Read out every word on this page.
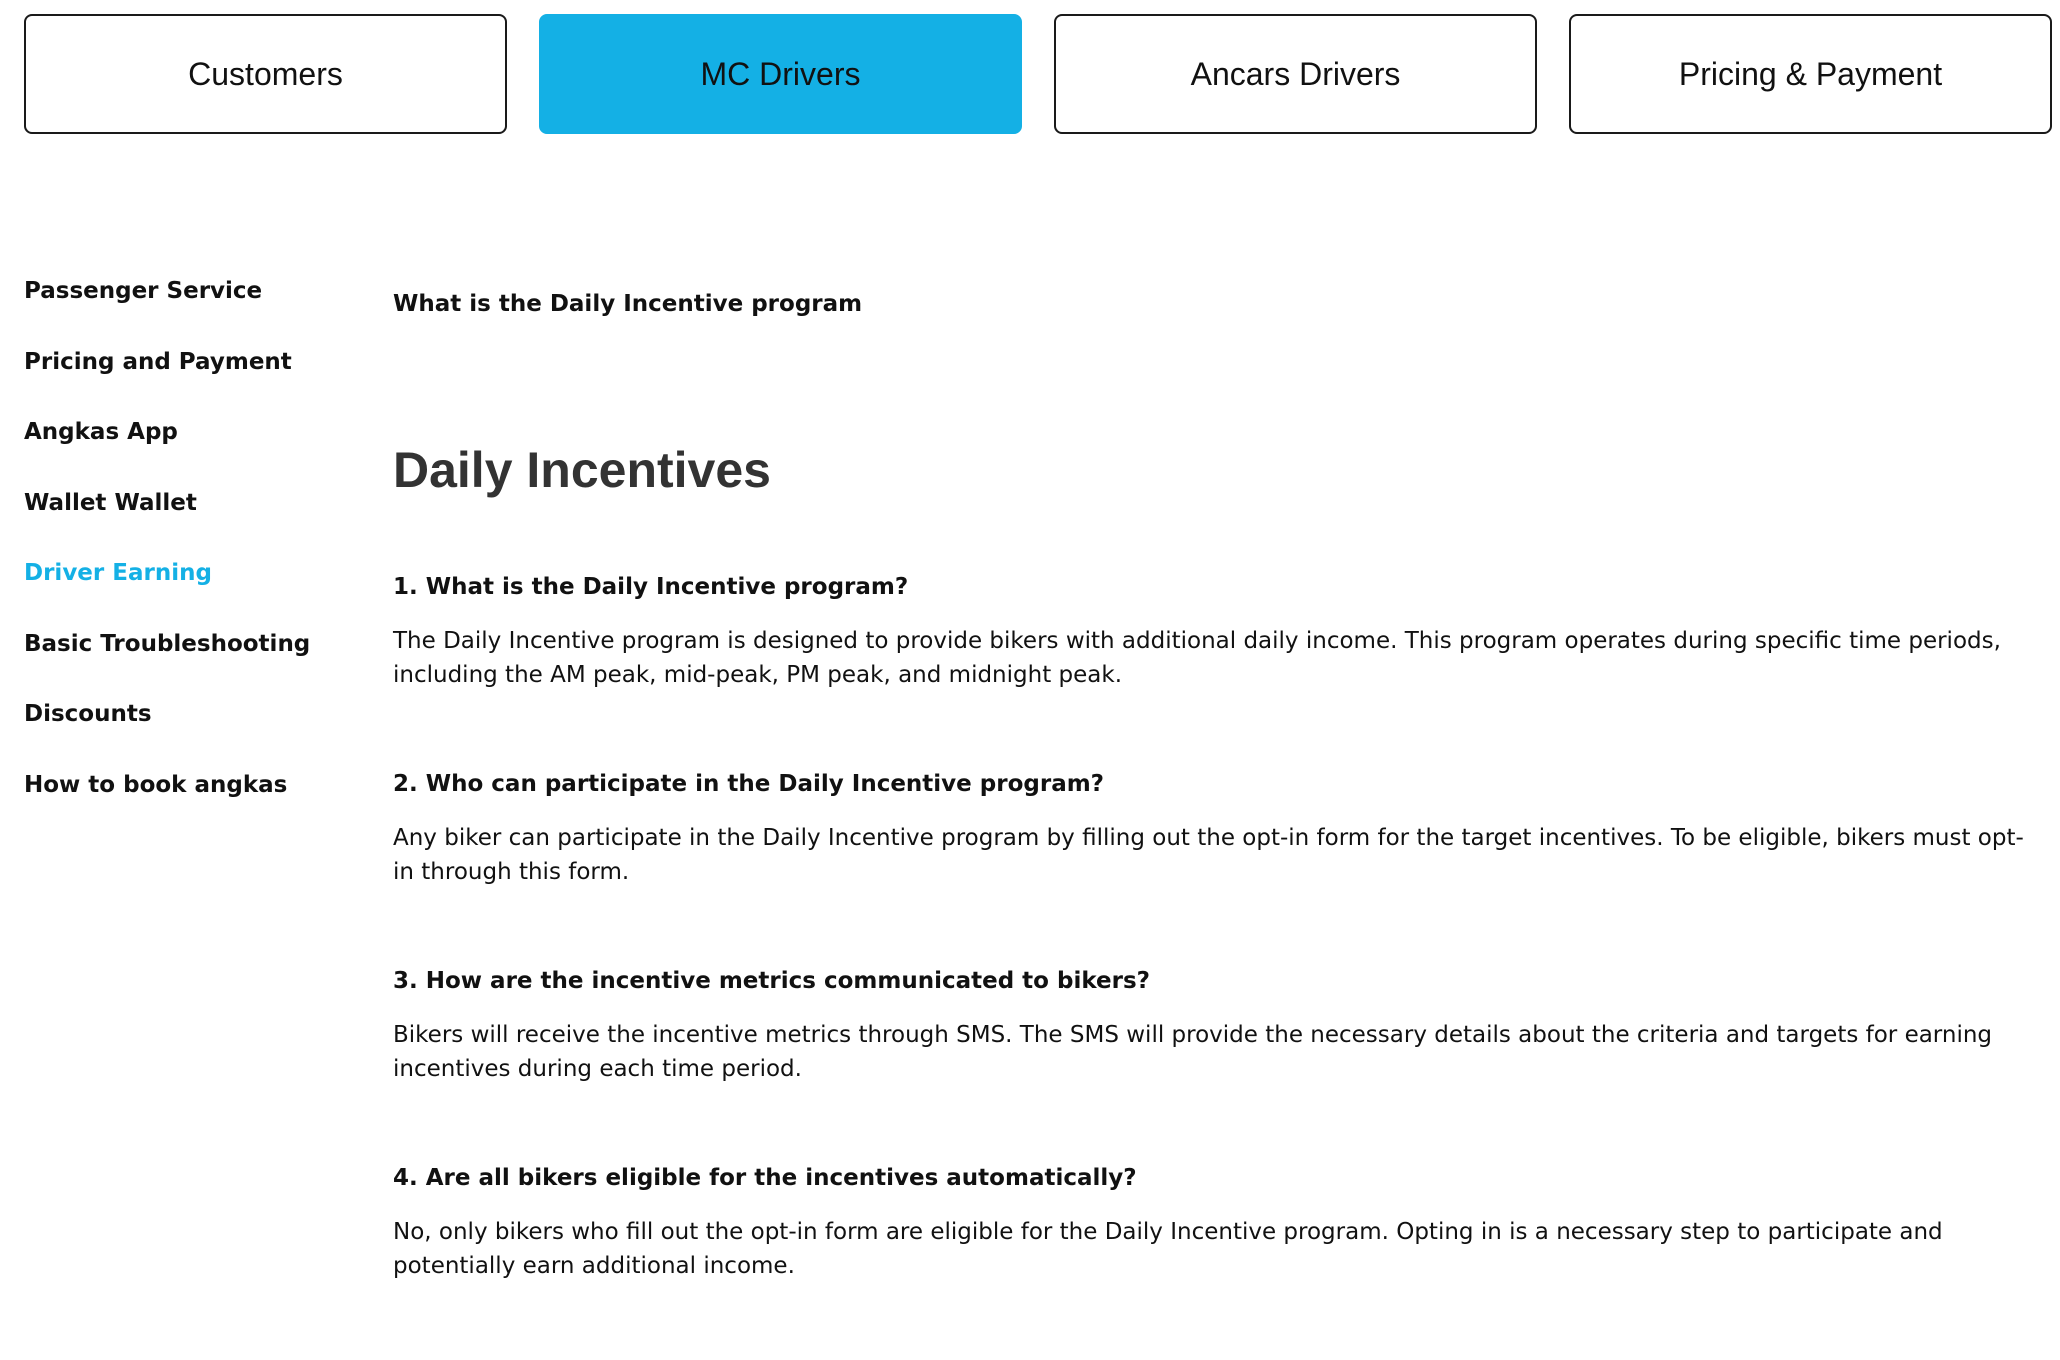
Customers	MC Drivers	Ancars Drivers	Pricing & Payment
Passenger Service
Pricing and Payment
Angkas App
Wallet Wallet
Driver Earning
Basic Troubleshooting
Discounts
How to book angkas

What is the Daily Incentive program

Daily Incentives

1. What is the Daily Incentive program?

The Daily Incentive program is designed to provide bikers with additional daily income. This program operates during specific time periods, including the AM peak, mid-peak, PM peak, and midnight peak.

2. Who can participate in the Daily Incentive program?

Any biker can participate in the Daily Incentive program by filling out the opt-in form for the target incentives. To be eligible, bikers must opt-in through this form.

3. How are the incentive metrics communicated to bikers?

Bikers will receive the incentive metrics through SMS. The SMS will provide the necessary details about the criteria and targets for earning incentives during each time period.

4. Are all bikers eligible for the incentives automatically?

No, only bikers who fill out the opt-in form are eligible for the Daily Incentive program. Opting in is a necessary step to participate and potentially earn additional income.
